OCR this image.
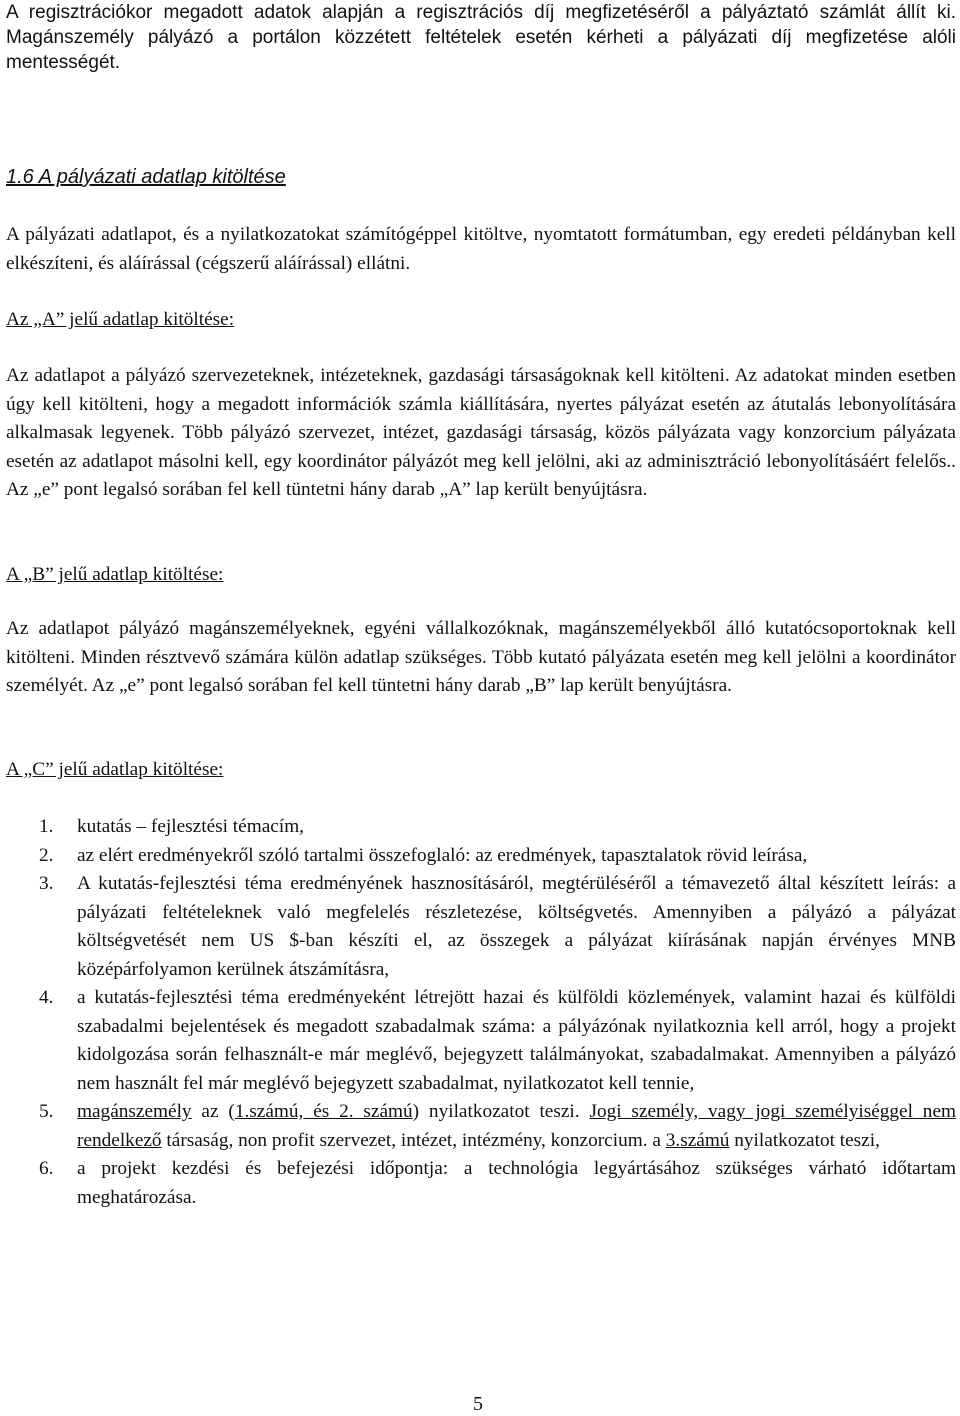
A regisztrációkor megadott adatok alapján a regisztrációs díj megfizetéséről a pályáztató számlát állít ki. Magánszemély pályázó a portálon közzétett feltételek esetén kérheti a pályázati díj megfizetése alóli mentességét.

1.6 A pályázati adatlap kitöltése

A pályázati adatlapot, és a nyilatkozatokat számítógéppel kitöltve, nyomtatott formátumban, egy eredeti példányban kell elkészíteni, és aláírással (cégszerű aláírással) ellátni.

Az „A” jelű adatlap kitöltése:

Az adatlapot a pályázó szervezeteknek, intézeteknek, gazdasági társaságoknak kell kitölteni. Az adatokat minden esetben úgy kell kitölteni, hogy a megadott információk számla kiállítására, nyertes pályázat esetén az átutalás lebonyolítására alkalmasak legyenek. Több pályázó szervezet, intézet, gazdasági társaság, közös pályázata vagy konzorcium pályázata esetén az adatlapot másolni kell, egy koordinátor pályázót meg kell jelölni, aki az adminisztráció lebonyolításáért felelős.. Az „e” pont legalsó sorában fel kell tüntetni hány darab „A” lap került benyújtásra.

A „B” jelű adatlap kitöltése:

Az adatlapot pályázó magánszemélyeknek, egyéni vállalkozóknak, magánszemélyekből álló kutatócsoportoknak kell kitölteni. Minden résztvevő számára külön adatlap szükséges. Több kutató pályázata esetén meg kell jelölni a koordinátor személyét. Az „e” pont legalsó sorában fel kell tüntetni hány darab „B” lap került benyújtásra.

A „C” jelű adatlap kitöltése:
1. kutatás – fejlesztési témacím,
2. az elért eredményekről szóló tartalmi összefoglaló: az eredmények, tapasztalatok rövid leírása,
3. A kutatás-fejlesztési téma eredményének hasznosításáról, megtérüléséről a témavezető által készített leírás: a pályázati feltételeknek való megfelelés részletezése, költségvetés. Amennyiben a pályázó a pályázat költségvetését nem US $-ban készíti el, az összegek a pályázat kiírásának napján érvényes MNB középárfolyamon kerülnek átszámításra,
4. a kutatás-fejlesztési téma eredményeként létrejött hazai és külföldi közlemények, valamint hazai és külföldi szabadalmi bejelentések és megadott szabadalmak száma: a pályázónak nyilatkoznia kell arról, hogy a projekt kidolgozása során felhasznált-e már meglévő, bejegyzett találmányokat, szabadalmakat. Amennyiben a pályázó nem használt fel már meglévő bejegyzett szabadalmat, nyilatkozatot kell tennie,
5. magánszemély az (1.számú, és 2. számú) nyilatkozatot teszi. Jogi személy, vagy jogi személyiséggel nem rendelkező társaság, non profit szervezet, intézet, intézmény, konzorcium. a 3.számú nyilatkozatot teszi,
6. a projekt kezdési és befejezési időpontja: a technológia legyártásához szükséges várható időtartam meghatározása.
5
